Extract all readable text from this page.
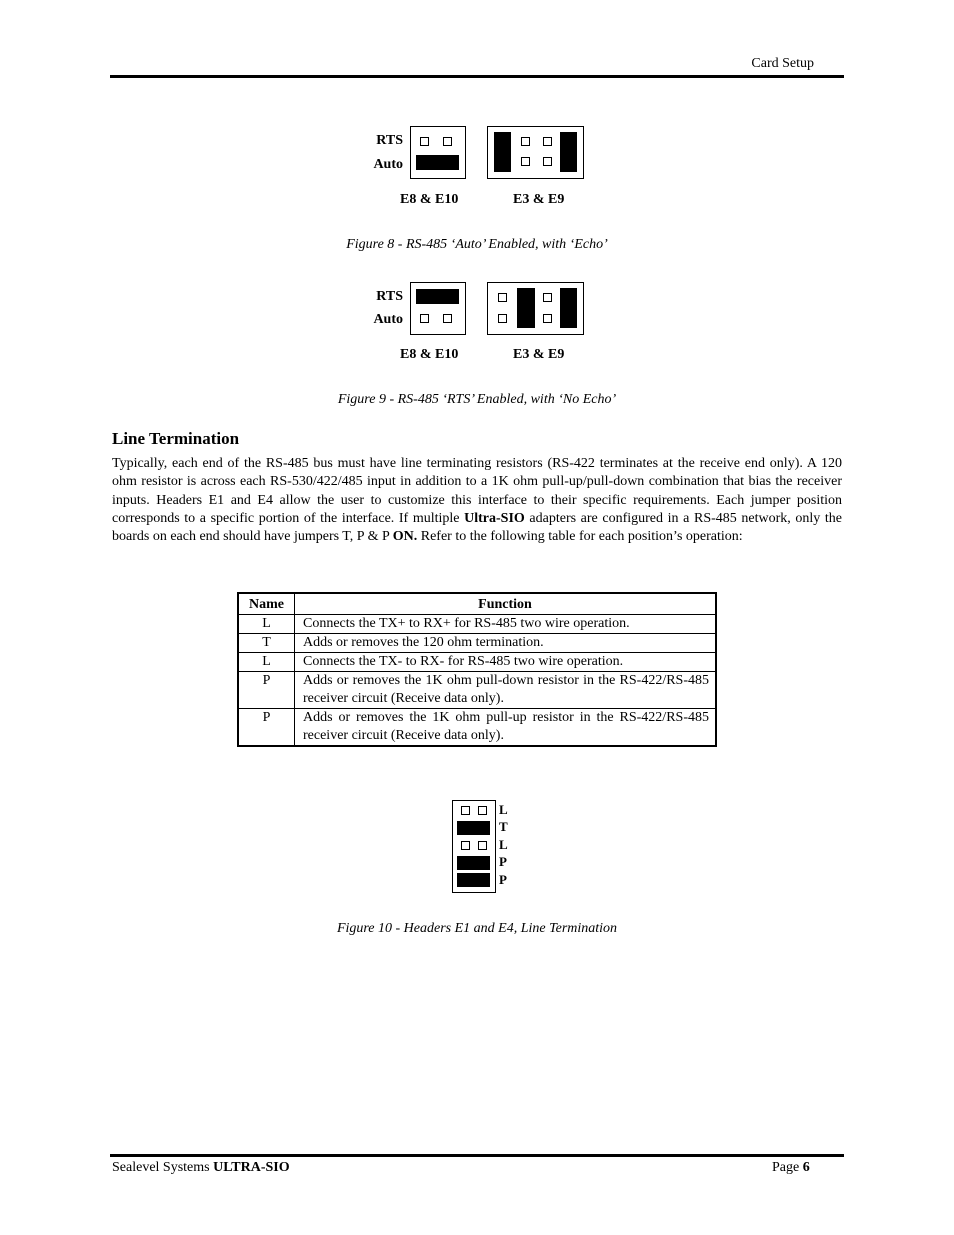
Card Setup
RTS
Auto
E8 & E10	E3 & E9
Figure 8 - RS-485 ‘Auto’ Enabled, with ‘Echo’
RTS
Auto
E8 & E10	E3 & E9
Figure 9 - RS-485 ‘RTS’ Enabled, with ‘No Echo’
Line Termination
Typically, each end of the RS-485 bus must have line terminating resistors (RS-422 terminates at the receive end only). A 120 ohm resistor is across each RS-530/422/485 input in addition to a 1K ohm pull-up/pull-down combination that bias the receiver inputs. Headers E1 and E4 allow the user to customize this interface to their specific requirements. Each jumper position corresponds to a specific portion of the interface. If multiple Ultra-SIO adapters are configured in a RS-485 network, only the boards on each end should have jumpers T, P & P ON. Refer to the following table for each position’s operation:
Name	Function
L	Connects the TX+ to RX+ for RS-485 two wire operation.
T	Adds or removes the 120 ohm termination.
L	Connects the TX- to RX- for RS-485 two wire operation.
P	Adds or removes the 1K ohm pull-down resistor in the RS-422/RS-485 receiver circuit (Receive data only).
P	Adds or removes the 1K ohm pull-up resistor in the RS-422/RS-485 receiver circuit (Receive data only).
L
T
L
P
P
Figure 10 - Headers E1 and E4, Line Termination
Sealevel Systems ULTRA-SIO	Page 6
